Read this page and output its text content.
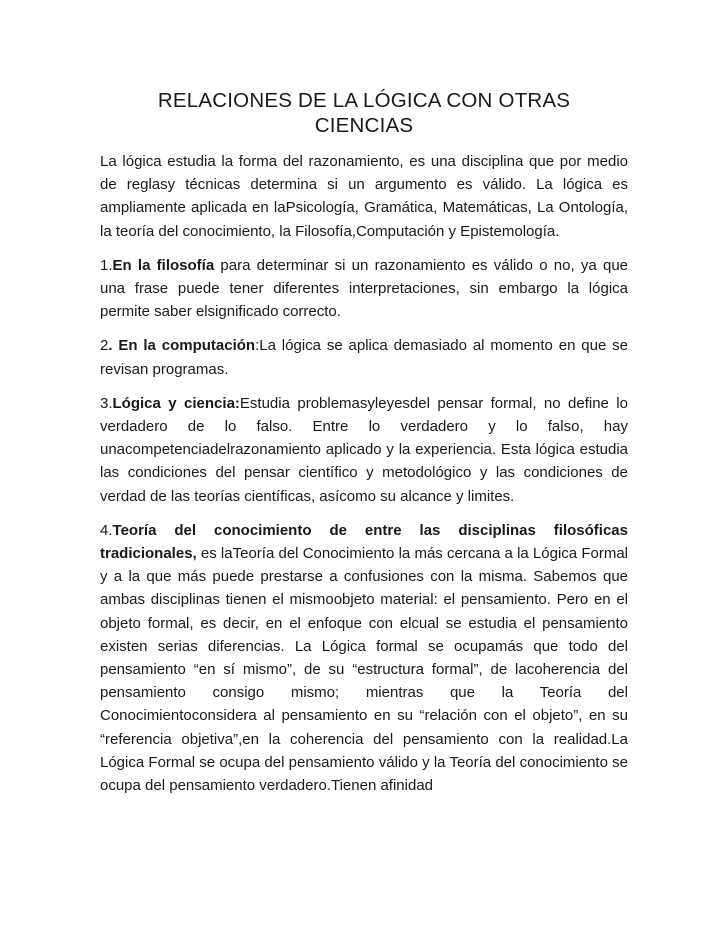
RELACIONES DE LA LÓGICA CON OTRAS
CIENCIAS

La lógica estudia la forma del razonamiento, es una disciplina que por medio de reglasy técnicas determina si un argumento es válido. La lógica es ampliamente aplicada en laPsicología, Gramática, Matemáticas, La Ontología, la teoría del conocimiento, la Filosofía,Computación y Epistemología.

1.En la filosofía para determinar si un razonamiento es válido o no, ya que una frase puede tener diferentes interpretaciones, sin embargo la lógica permite saber elsignificado correcto.

2. En la computación:La lógica se aplica demasiado al momento en que se revisan programas.

3.Lógica y ciencia:Estudia problemasyleyesdel pensar formal, no define lo verdadero de lo falso. Entre lo verdadero y lo falso, hay unacompetenciadelrazonamiento aplicado y la experiencia. Esta lógica estudia las condiciones del pensar científico y metodológico y las condiciones de verdad de las teorías científicas, asícomo su alcance y limites.

4.Teoría del conocimiento de entre las disciplinas filosóficas tradicionales, es laTeoría del Conocimiento la más cercana a la Lógica Formal y a la que más puede prestarse a confusiones con la misma. Sabemos que ambas disciplinas tienen el mismoobjeto material: el pensamiento. Pero en el objeto formal, es decir, en el enfoque con elcual se estudia el pensamiento existen serias diferencias. La Lógica formal se ocupamás que todo del pensamiento “en sí mismo”, de su “estructura formal”, de lacoherencia del pensamiento consigo mismo; mientras que la Teoría del Conocimientoconsidera al pensamiento en su “relación con el objeto”, en su “referencia objetiva”,en la coherencia del pensamiento con la realidad.La Lógica Formal se ocupa del pensamiento válido y la Teoría del conocimiento se ocupa del pensamiento verdadero.Tienen afinidad
